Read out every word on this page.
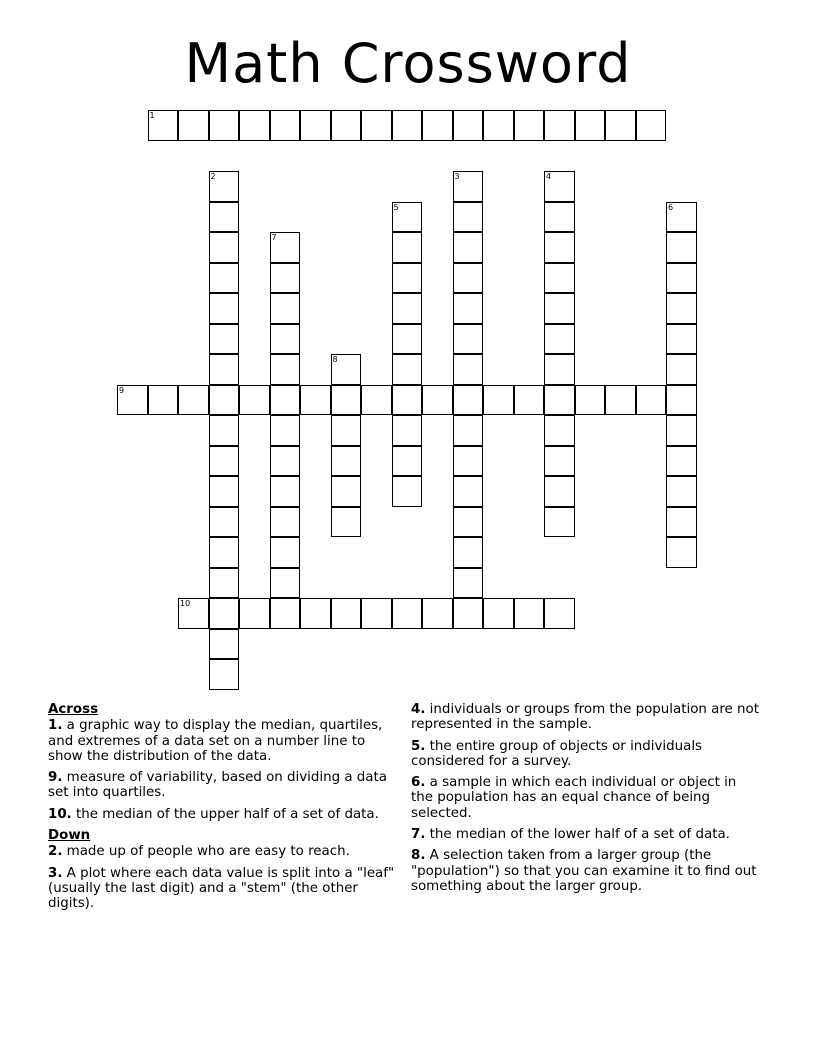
Math Crossword
1
9
10
2	3	4
5	6
7
8
Across
1. a graphic way to display the median, quartiles, and extremes of a data set on a number line to show the distribution of the data.
9. measure of variability, based on dividing a data set into quartiles.
10. the median of the upper half of a set of data.
Down
2. made up of people who are easy to reach.
3. A plot where each data value is split into a "leaf" (usually the last digit) and a "stem" (the other digits).
4. individuals or groups from the population are not represented in the sample.
5. the entire group of objects or individuals considered for a survey.
6. a sample in which each individual or object in the population has an equal chance of being selected.
7. the median of the lower half of a set of data.
8. A selection taken from a larger group (the "population") so that you can examine it to find out something about the larger group.
